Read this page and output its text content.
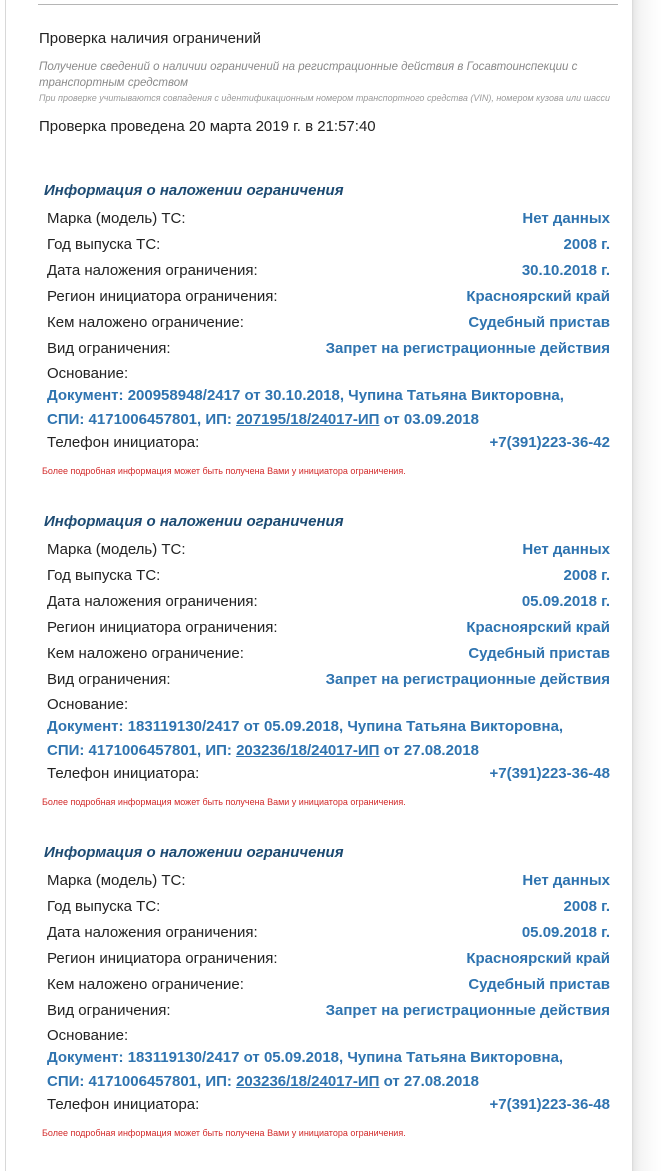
Проверка наличия ограничений

Получение сведений о наличии ограничений на регистрационные действия в Госавтоинспекции с транспортным средством
При проверке учитываются совпадения с идентификационным номером транспортного средства (VIN), номером кузова или шасси
Проверка проведена 20 марта 2019 г. в 21:57:40
Информация о наложении ограничения
Марка (модель) ТС:	Нет данных
Год выпуска ТС:	2008 г.
Дата наложения ограничения:	30.10.2018 г.
Регион инициатора ограничения:	Красноярский край
Кем наложено ограничение:	Судебный пристав
Вид ограничения:	Запрет на регистрационные действия
Основание:
Документ: 200958948/2417 от 30.10.2018, Чупина Татьяна Викторовна,
СПИ: 4171006457801, ИП: 207195/18/24017-ИП от 03.09.2018
Телефон инициатора:	+7(391)223-36-42
Более подробная информация может быть получена Вами у инициатора ограничения.
Информация о наложении ограничения
Марка (модель) ТС:	Нет данных
Год выпуска ТС:	2008 г.
Дата наложения ограничения:	05.09.2018 г.
Регион инициатора ограничения:	Красноярский край
Кем наложено ограничение:	Судебный пристав
Вид ограничения:	Запрет на регистрационные действия
Основание:
Документ: 183119130/2417 от 05.09.2018, Чупина Татьяна Викторовна,
СПИ: 4171006457801, ИП: 203236/18/24017-ИП от 27.08.2018
Телефон инициатора:	+7(391)223-36-48
Более подробная информация может быть получена Вами у инициатора ограничения.
Информация о наложении ограничения
Марка (модель) ТС:	Нет данных
Год выпуска ТС:	2008 г.
Дата наложения ограничения:	05.09.2018 г.
Регион инициатора ограничения:	Красноярский край
Кем наложено ограничение:	Судебный пристав
Вид ограничения:	Запрет на регистрационные действия
Основание:
Документ: 183119130/2417 от 05.09.2018, Чупина Татьяна Викторовна,
СПИ: 4171006457801, ИП: 203236/18/24017-ИП от 27.08.2018
Телефон инициатора:	+7(391)223-36-48
Более подробная информация может быть получена Вами у инициатора ограничения.
